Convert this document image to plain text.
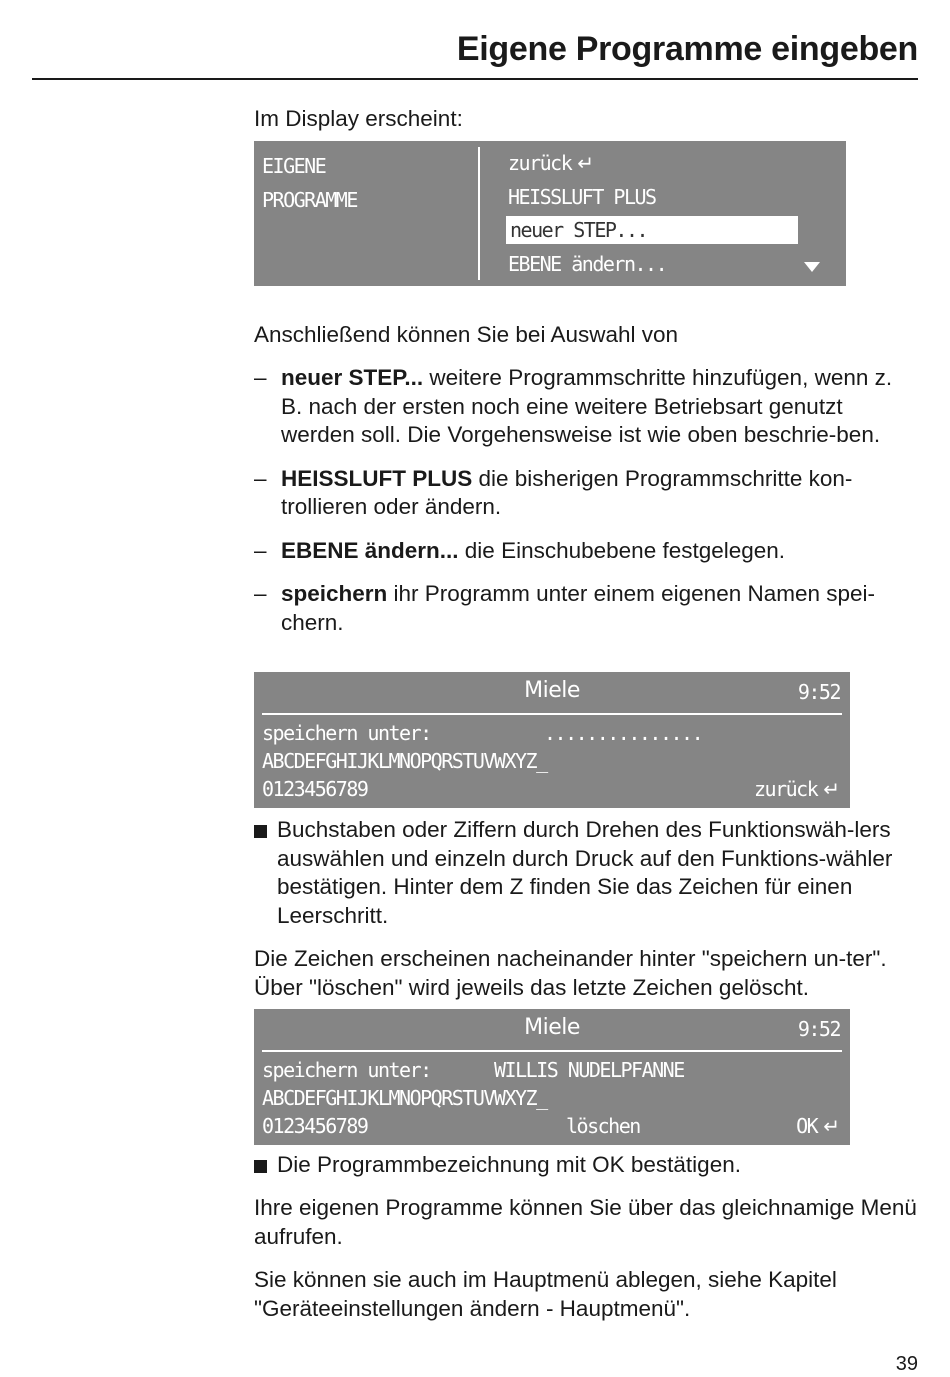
Eigene Programme eingeben

Im Display erscheint:

EIGENE
PROGRAMME
zurück ↵
HEISSLUFT PLUS
neuer STEP...
EBENE ändern...

Anschließend können Sie bei Auswahl von

– neuer STEP... weitere Programmschritte hinzufügen, wenn z. B. nach der ersten noch eine weitere Betriebsart genutzt werden soll. Die Vorgehensweise ist wie oben beschrie-ben.

– HEISSLUFT PLUS die bisherigen Programmschritte kon-trollieren oder ändern.

– EBENE ändern... die Einschubebene festgelegen.

– speichern ihr Programm unter einem eigenen Namen spei-chern.

Miele	9:52
speichern unter:	...............
ABCDEFGHIJKLMNOPQRSTUVWXYZ_
0123456789	zurück ↵

Buchstaben oder Ziffern durch Drehen des Funktionswäh-lers auswählen und einzeln durch Druck auf den Funktions-wähler bestätigen. Hinter dem Z finden Sie das Zeichen für einen Leerschritt.

Die Zeichen erscheinen nacheinander hinter "speichern un-ter". Über "löschen" wird jeweils das letzte Zeichen gelöscht.

Miele	9:52
speichern unter:	WILLIS NUDELPFANNE
ABCDEFGHIJKLMNOPQRSTUVWXYZ_
0123456789	löschen	OK ↵

Die Programmbezeichnung mit OK bestätigen.

Ihre eigenen Programme können Sie über das gleichnamige Menü aufrufen.

Sie können sie auch im Hauptmenü ablegen, siehe Kapitel "Geräteeinstellungen ändern - Hauptmenü".

39
